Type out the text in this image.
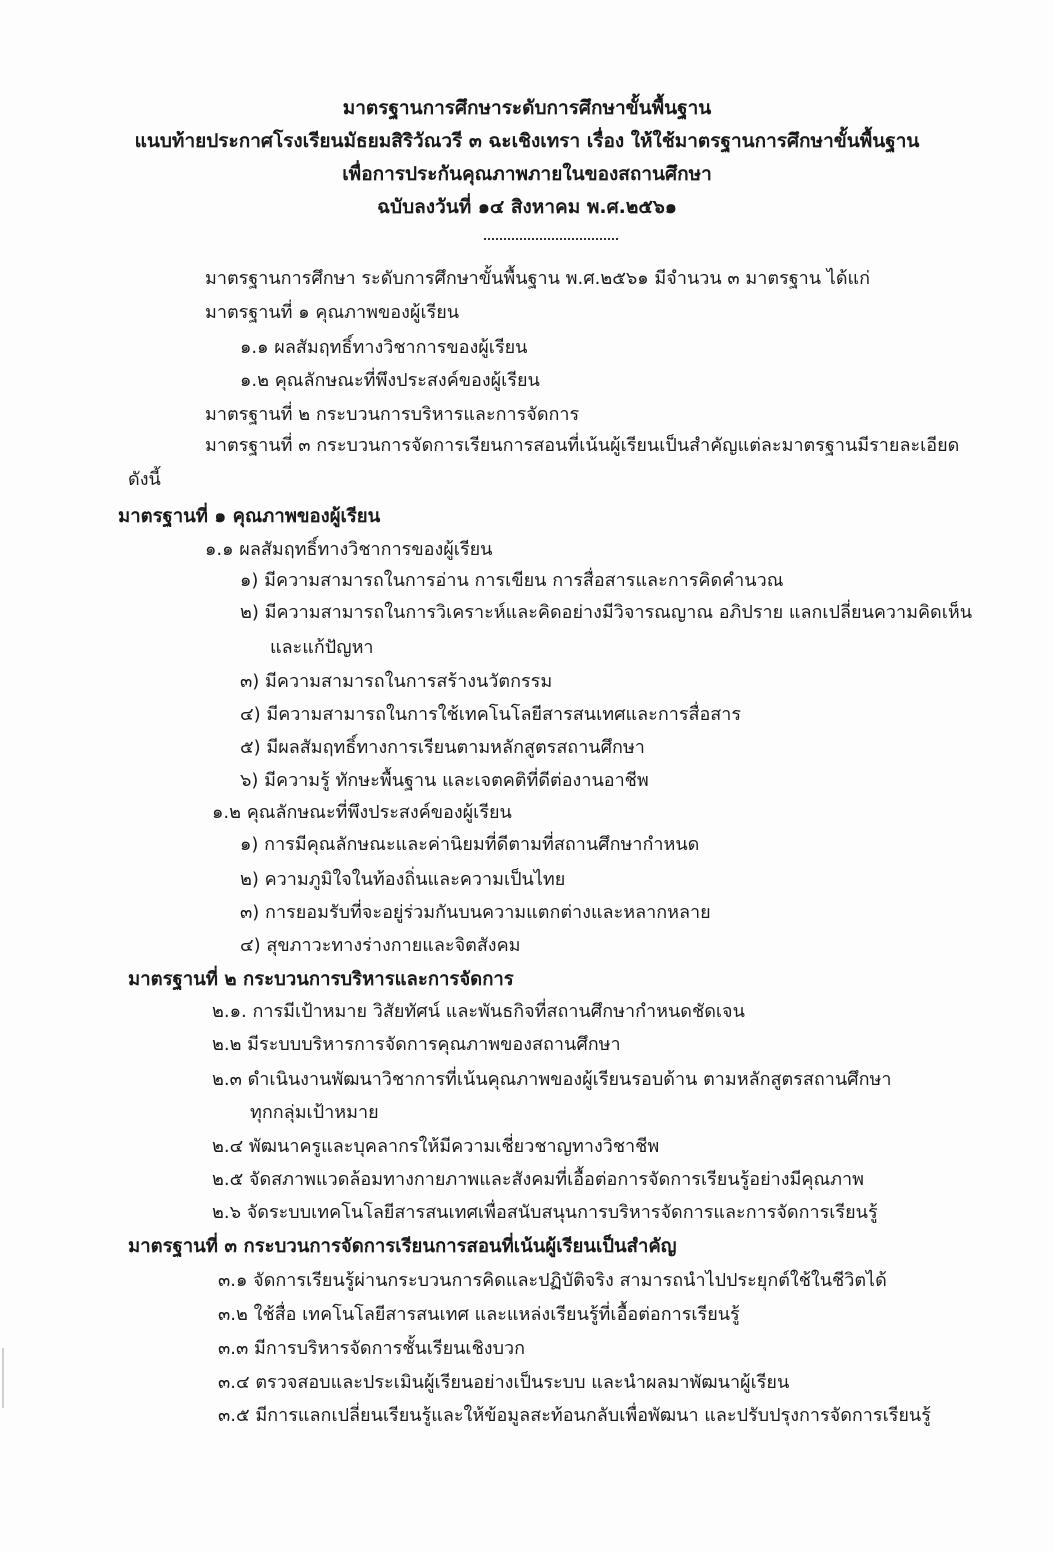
มาตรฐานการศึกษาระดับการศึกษาขั้นพื้นฐาน
แนบท้ายประกาศโรงเรียนมัธยมสิริวัณวรี ๓ ฉะเชิงเทรา เรื่อง ให้ใช้มาตรฐานการศึกษาขั้นพื้นฐาน
เพื่อการประกันคุณภาพภายในของสถานศึกษา
ฉบับลงวันที่ ๑๔ สิงหาคม พ.ศ.๒๕๖๑
มาตรฐานการศึกษา ระดับการศึกษาขั้นพื้นฐาน พ.ศ.๒๕๖๑ มีจำนวน ๓ มาตรฐาน ได้แก่
มาตรฐานที่ ๑ คุณภาพของผู้เรียน
๑.๑ ผลสัมฤทธิ์ทางวิชาการของผู้เรียน
๑.๒ คุณลักษณะที่พึงประสงค์ของผู้เรียน
มาตรฐานที่ ๒ กระบวนการบริหารและการจัดการ
มาตรฐานที่ ๓ กระบวนการจัดการเรียนการสอนที่เน้นผู้เรียนเป็นสำคัญแต่ละมาตรฐานมีรายละเอียด
ดังนี้
มาตรฐานที่ ๑ คุณภาพของผู้เรียน
๑.๑ ผลสัมฤทธิ์ทางวิชาการของผู้เรียน
๑) มีความสามารถในการอ่าน การเขียน การสื่อสารและการคิดคำนวณ
๒) มีความสามารถในการวิเคราะห์และคิดอย่างมีวิจารณญาณ อภิปราย แลกเปลี่ยนความคิดเห็น
และแก้ปัญหา
๓) มีความสามารถในการสร้างนวัตกรรม
๔) มีความสามารถในการใช้เทคโนโลยีสารสนเทศและการสื่อสาร
๕) มีผลสัมฤทธิ์ทางการเรียนตามหลักสูตรสถานศึกษา
๖) มีความรู้ ทักษะพื้นฐาน และเจตคติที่ดีต่องานอาชีพ
๑.๒ คุณลักษณะที่พึงประสงค์ของผู้เรียน
๑) การมีคุณลักษณะและค่านิยมที่ดีตามที่สถานศึกษากำหนด
๒) ความภูมิใจในท้องถิ่นและความเป็นไทย
๓) การยอมรับที่จะอยู่ร่วมกันบนความแตกต่างและหลากหลาย
๔) สุขภาวะทางร่างกายและจิตสังคม
มาตรฐานที่ ๒ กระบวนการบริหารและการจัดการ
๒.๑. การมีเป้าหมาย วิสัยทัศน์ และพันธกิจที่สถานศึกษากำหนดชัดเจน
๒.๒ มีระบบบริหารการจัดการคุณภาพของสถานศึกษา
๒.๓ ดำเนินงานพัฒนาวิชาการที่เน้นคุณภาพของผู้เรียนรอบด้าน ตามหลักสูตรสถานศึกษา
ทุกกลุ่มเป้าหมาย
๒.๔ พัฒนาครูและบุคลากรให้มีความเชี่ยวชาญทางวิชาชีพ
๒.๕ จัดสภาพแวดล้อมทางกายภาพและสังคมที่เอื้อต่อการจัดการเรียนรู้อย่างมีคุณภาพ
๒.๖ จัดระบบเทคโนโลยีสารสนเทศเพื่อสนับสนุนการบริหารจัดการและการจัดการเรียนรู้
มาตรฐานที่ ๓ กระบวนการจัดการเรียนการสอนที่เน้นผู้เรียนเป็นสำคัญ
๓.๑ จัดการเรียนรู้ผ่านกระบวนการคิดและปฏิบัติจริง สามารถนำไปประยุกต์ใช้ในชีวิตได้
๓.๒ ใช้สื่อ เทคโนโลยีสารสนเทศ และแหล่งเรียนรู้ที่เอื้อต่อการเรียนรู้
๓.๓ มีการบริหารจัดการชั้นเรียนเชิงบวก
๓.๔ ตรวจสอบและประเมินผู้เรียนอย่างเป็นระบบ และนำผลมาพัฒนาผู้เรียน
๓.๕ มีการแลกเปลี่ยนเรียนรู้และให้ข้อมูลสะท้อนกลับเพื่อพัฒนา และปรับปรุงการจัดการเรียนรู้
